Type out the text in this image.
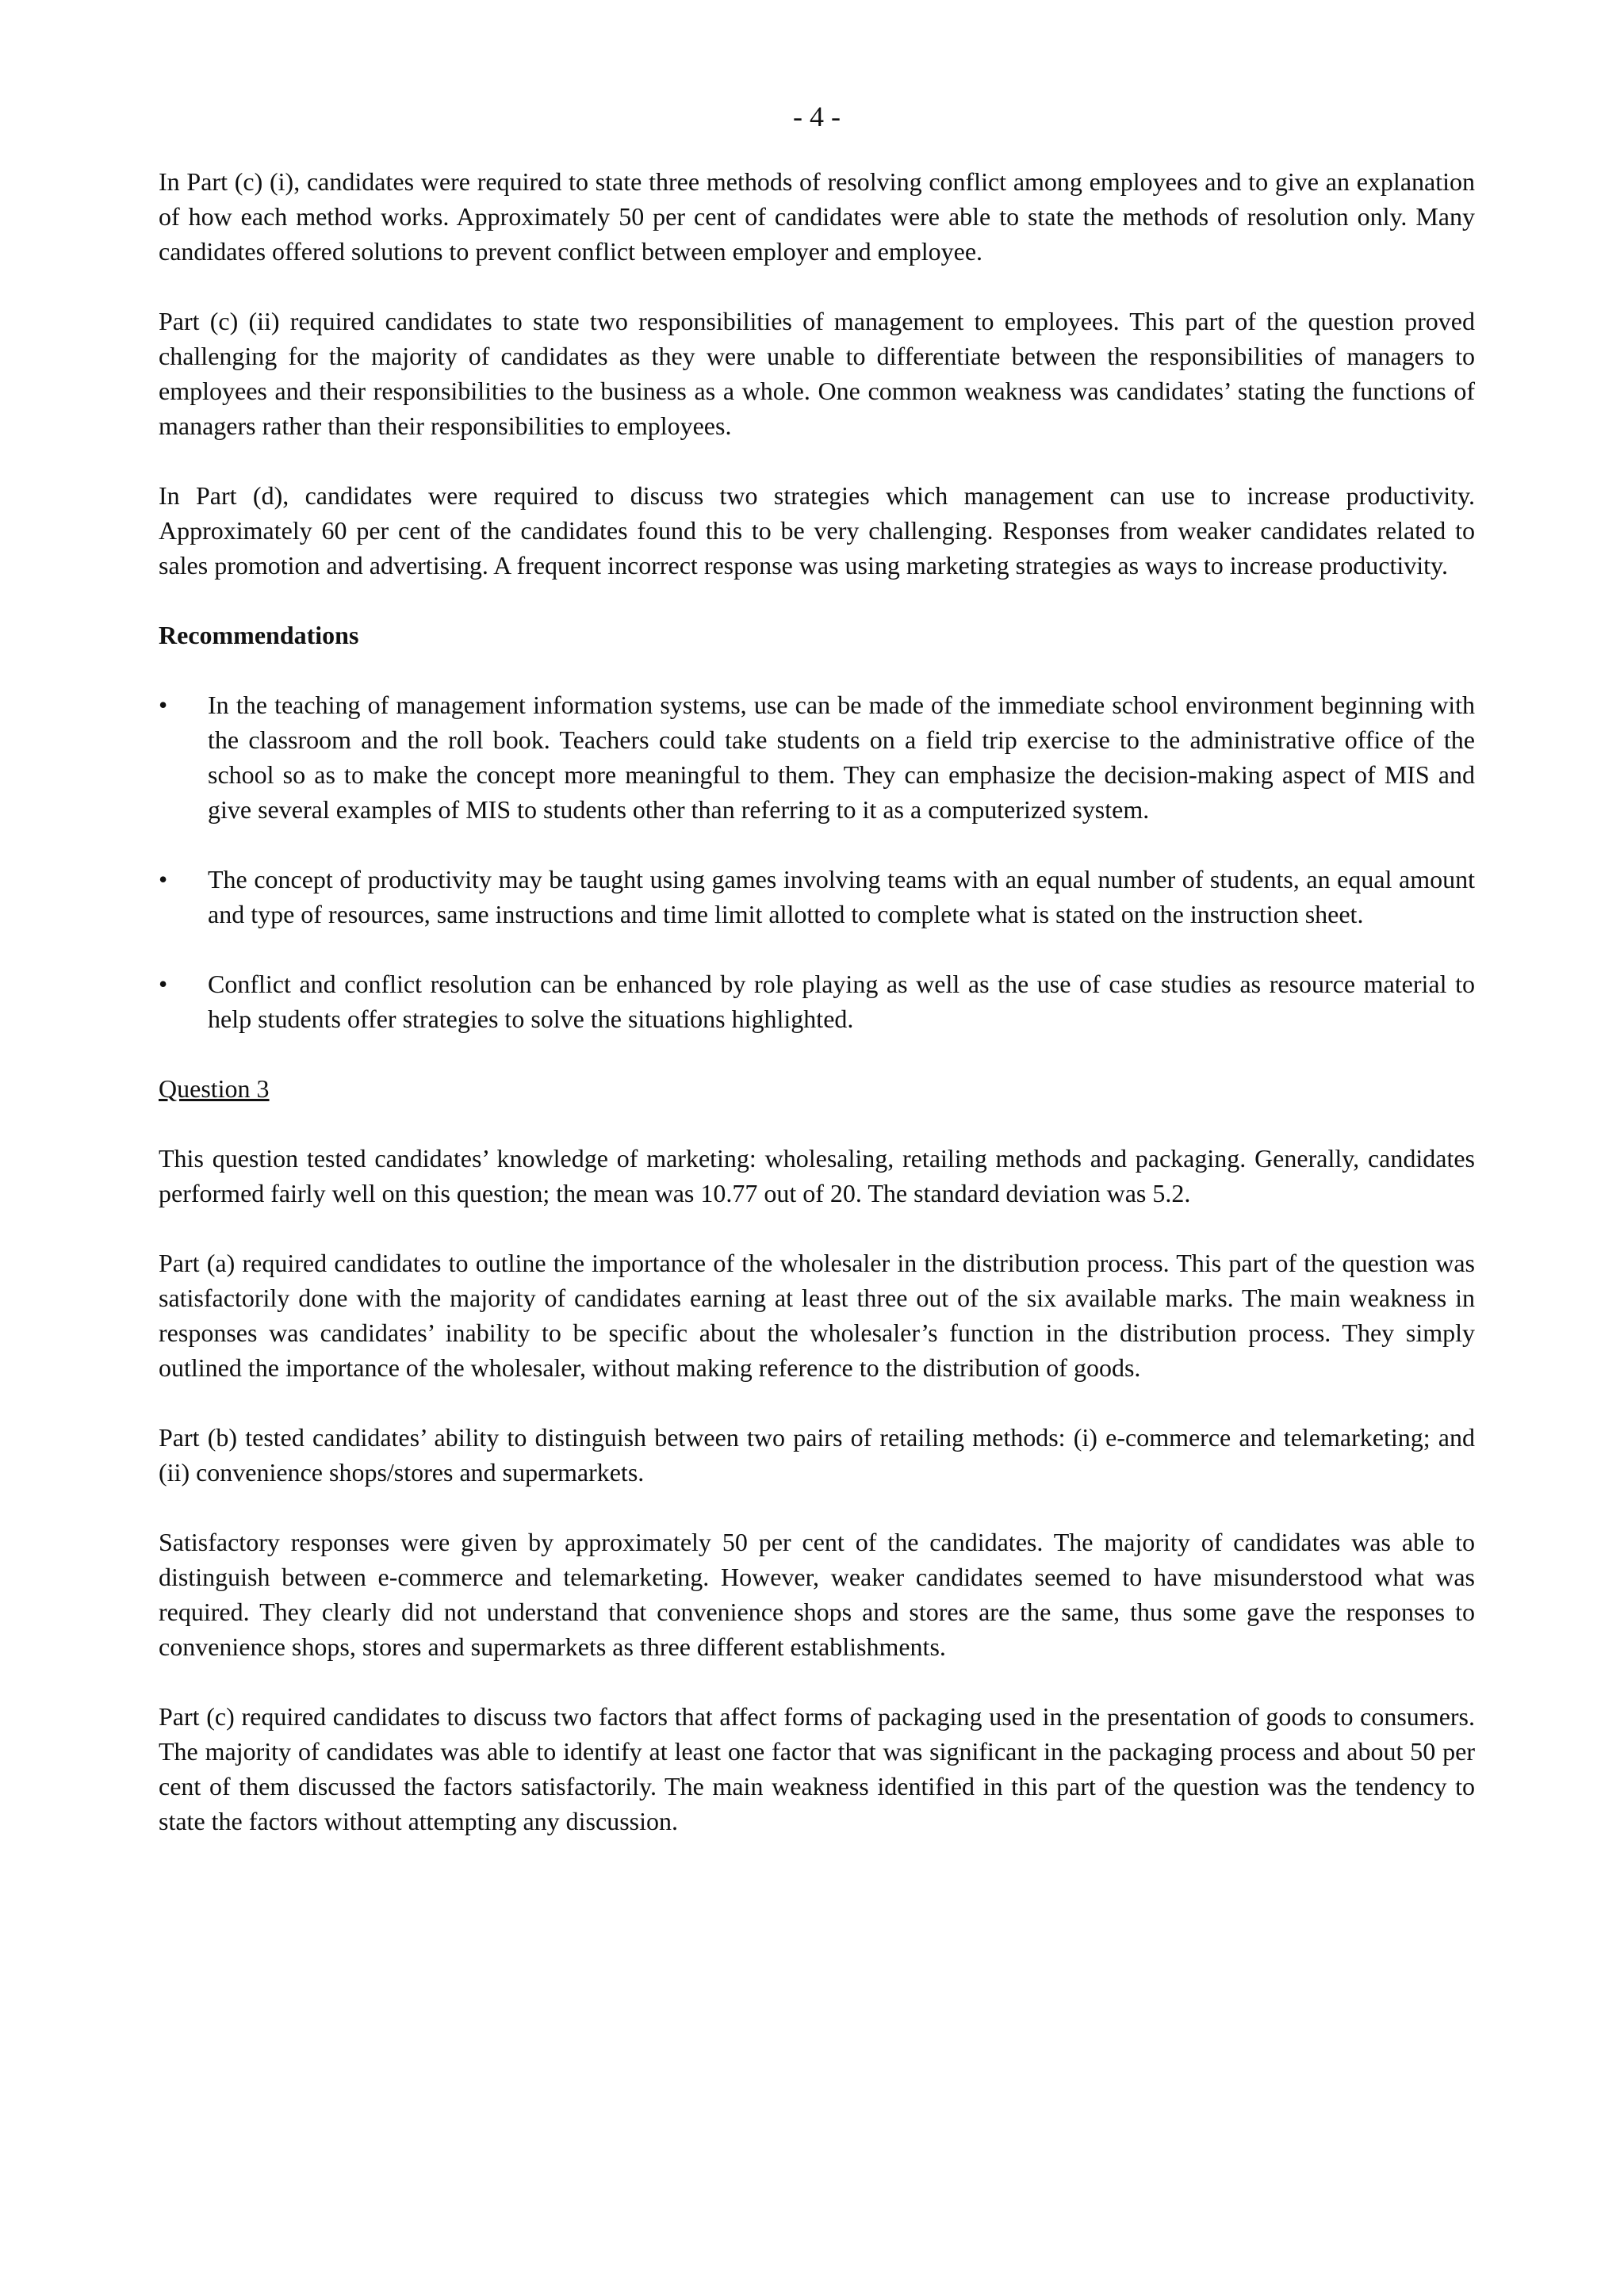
- 4 -

In Part (c) (i), candidates were required to state three methods of resolving conflict among employees and to give an explanation of how each method works. Approximately 50 per cent of candidates were able to state the methods of resolution only. Many candidates offered solutions to prevent conflict between employer and employee.

Part (c) (ii) required candidates to state two responsibilities of management to employees. This part of the question proved challenging for the majority of candidates as they were unable to differentiate between the responsibilities of managers to employees and their responsibilities to the business as a whole. One common weakness was candidates’ stating the functions of managers rather than their responsibilities to employees.

In Part (d), candidates were required to discuss two strategies which management can use to increase productivity. Approximately 60 per cent of the candidates found this to be very challenging. Responses from weaker candidates related to sales promotion and advertising. A frequent incorrect response was using marketing strategies as ways to increase productivity.

Recommendations
•	In the teaching of management information systems, use can be made of the immediate school environment beginning with the classroom and the roll book. Teachers could take students on a field trip exercise to the administrative office of the school so as to make the concept more meaningful to them. They can emphasize the decision-making aspect of MIS and give several examples of MIS to students other than referring to it as a computerized system.
•	The concept of productivity may be taught using games involving teams with an equal number of students, an equal amount and type of resources, same instructions and time limit allotted to complete what is stated on the instruction sheet.
•	Conflict and conflict resolution can be enhanced by role playing as well as the use of case studies as resource material to help students offer strategies to solve the situations highlighted.
Question 3

This question tested candidates’ knowledge of marketing: wholesaling, retailing methods and packaging. Generally, candidates performed fairly well on this question; the mean was 10.77 out of 20. The standard deviation was 5.2.

Part (a) required candidates to outline the importance of the wholesaler in the distribution process. This part of the question was satisfactorily done with the majority of candidates earning at least three out of the six available marks. The main weakness in responses was candidates’ inability to be specific about the wholesaler’s function in the distribution process. They simply outlined the importance of the wholesaler, without making reference to the distribution of goods.

Part (b) tested candidates’ ability to distinguish between two pairs of retailing methods: (i) e-commerce and telemarketing; and (ii) convenience shops/stores and supermarkets.

Satisfactory responses were given by approximately 50 per cent of the candidates. The majority of candidates was able to distinguish between e-commerce and telemarketing. However, weaker candidates seemed to have misunderstood what was required. They clearly did not understand that convenience shops and stores are the same, thus some gave the responses to convenience shops, stores and supermarkets as three different establishments.

Part (c) required candidates to discuss two factors that affect forms of packaging used in the presentation of goods to consumers. The majority of candidates was able to identify at least one factor that was significant in the packaging process and about 50 per cent of them discussed the factors satisfactorily. The main weakness identified in this part of the question was the tendency to state the factors without attempting any discussion.
